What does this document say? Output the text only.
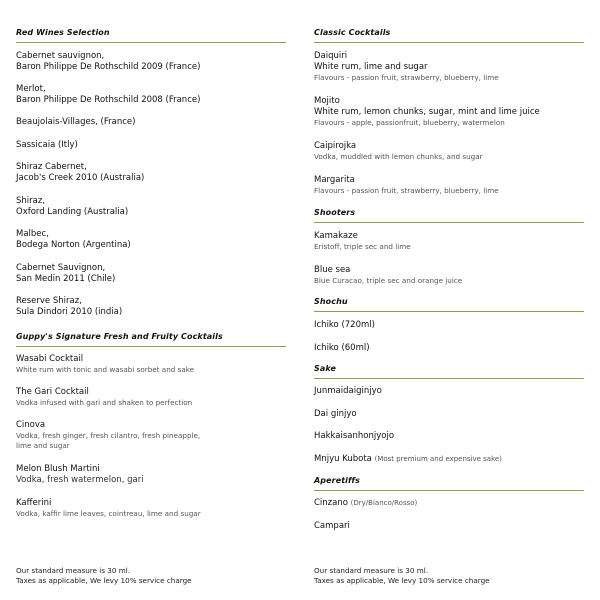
Red Wines Selection
Cabernet sauvignon,
Baron Philippe De Rothschild 2009 (France)
Merlot,
Baron Philippe De Rothschild 2008 (France)
Beaujolais-Villages, (France)
Sassicaia (Itly)
Shiraz Cabernet,
Jacob's Creek 2010 (Australia)
Shiraz,
Oxford Landing (Australia)
Malbec,
Bodega Norton (Argentina)
Cabernet Sauvignon,
San Medin 2011 (Chile)
Reserve Shiraz,
Sula Dindori 2010 (india)
Guppy's Signature Fresh and Fruity Cocktails
Wasabi Cocktail
White rum with tonic and wasabi sorbet and sake
The Gari Cocktail
Vodka infused with gari and shaken to perfection
Cinova
Vodka, fresh ginger, fresh cilantro, fresh pineapple,
lime and sugar
Melon Blush Martini
Vodka, fresh watermelon, gari
Kafferini
Vodka, kaffir lime leaves, cointreau, lime and sugar
Our standard measure is 30 ml.
Taxes as applicable, We levy 10% service charge
Classic Cocktails
Daiquiri
White rum, lime and sugar
Flavours - passion fruit, strawberry, blueberry, lime
Mojito
White rum, lemon chunks, sugar, mint and lime juice
Flavours - apple, passionfruit, blueberry, watermelon
Caipirojka
Vodka, muddled with lemon chunks, and sugar
Margarita
Flavours - passion fruit, strawberry, blueberry, lime
Shooters
Kamakaze
Eristoff, triple sec and lime
Blue sea
Blue Curacao, triple sec and orange juice
Shochu
Ichiko (720ml)
Ichiko (60ml)
Sake
Junmaidaiginjyo
Dai ginjyo
Hakkaisanhonjyojo
Mnjyu Kubota (Most premium and expensive sake)
Aperetiffs
Cinzano (Dry/Bianco/Rosso)
Campari
Our standard measure is 30 ml.
Taxes as applicable, We levy 10% service charge
